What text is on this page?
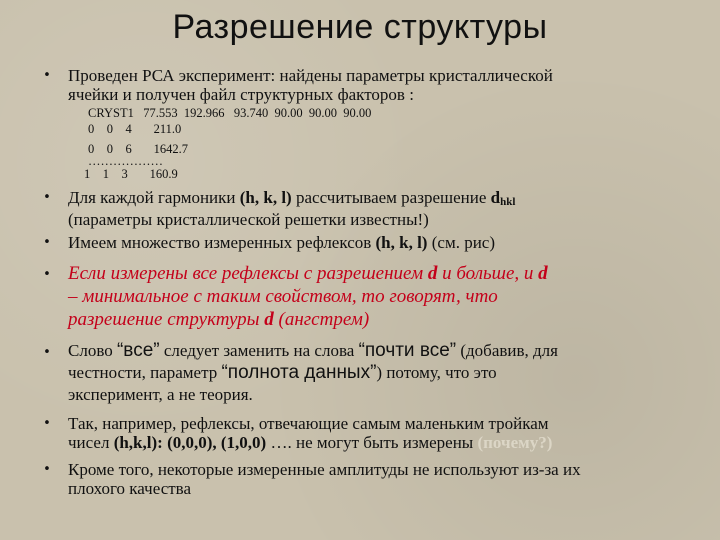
Разрешение структуры
• Проведен РСА эксперимент: найдены параметры кристаллической

ячейки и получен файл структурных факторов :

CRYST1   77.553  192.966   93.740  90.00  90.00  90.00
0    0    4       211.0
0    0    6       1642.7
………………
1    1    3       160.9
• Для каждой гармоники (h, k, l) рассчитываем разрешение dhkl

(параметры кристаллической решетки известны!)

• Имеем множество измеренных рефлексов (h, k, l) (см. рис)

• Если измерены все рефлексы с разрешением d и больше, и d

– минимальное с таким свойством, то говорят, что

разрешение структуры d (ангстрем)

• Слово “все” следует заменить на слова “почти все” (добавив, для

честности, параметр “полнота данных”) потому, что это

эксперимент, а не теория.

• Так, например, рефлексы, отвечающие самым маленьким тройкам

чисел (h,k,l): (0,0,0), (1,0,0) …. не могут быть измерены (почему?)

• Кроме того, некоторые измеренные амплитуды не используют из-за их

плохого качества
